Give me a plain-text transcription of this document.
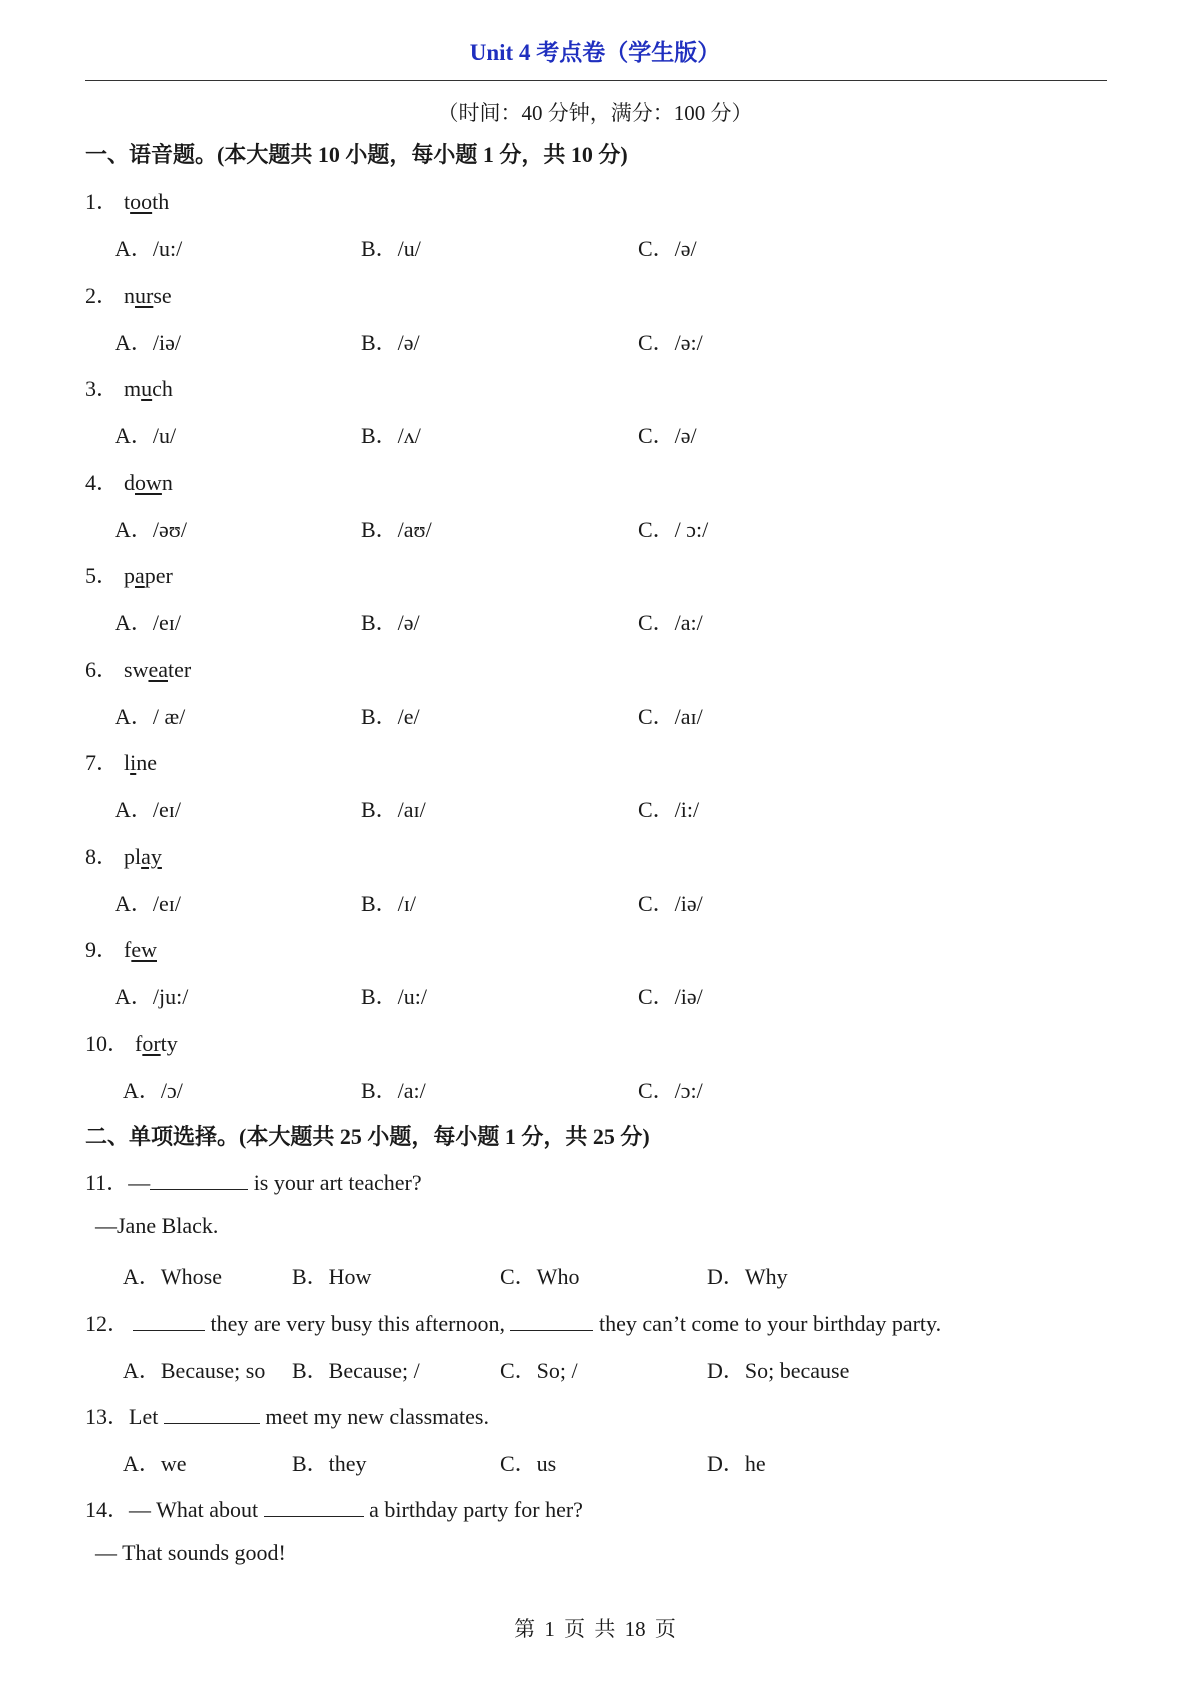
Unit 4 考点卷（学生版）
（时间：40 分钟，满分：100 分）
一、语音题。(本大题共 10 小题，每小题 1 分，共 10 分)
1． tooth
A．/u:/	B．/u/	C．/ə/
2． nurse
A．/iə/	B．/ə/	C．/ə:/
3． much
A．/u/	B．/ʌ/	C．/ə/
4． down
A．/əʊ/	B．/aʊ/	C．/ ɔ:/
5． paper
A．/eɪ/	B．/ə/	C．/a:/
6． sweater
A．/ æ/	B．/e/	C．/aɪ/
7． line
A．/eɪ/	B．/aɪ/	C．/i:/
8． play
A．/eɪ/	B．/ɪ/	C．/iə/
9． few
A．/ju:/	B．/u:/	C．/iə/
10． forty
A．/ɔ/	B．/a:/	C．/ɔ:/
二、单项选择。(本大题共 25 小题，每小题 1 分，共 25 分)
11．—	is your art teacher?
—Jane Black.
A．Whose	B．How	C．Who	D．Why
12．	they are very busy this afternoon,	they can’t come to your birthday party.
A．Because; so B．Because; /	C．So; /	D．So; because
13．Let	meet my new classmates.
A．we	B．they	C．us	D．he
14．— What about	a birthday party for her?
— That sounds good!
第 1 页 共 18 页
